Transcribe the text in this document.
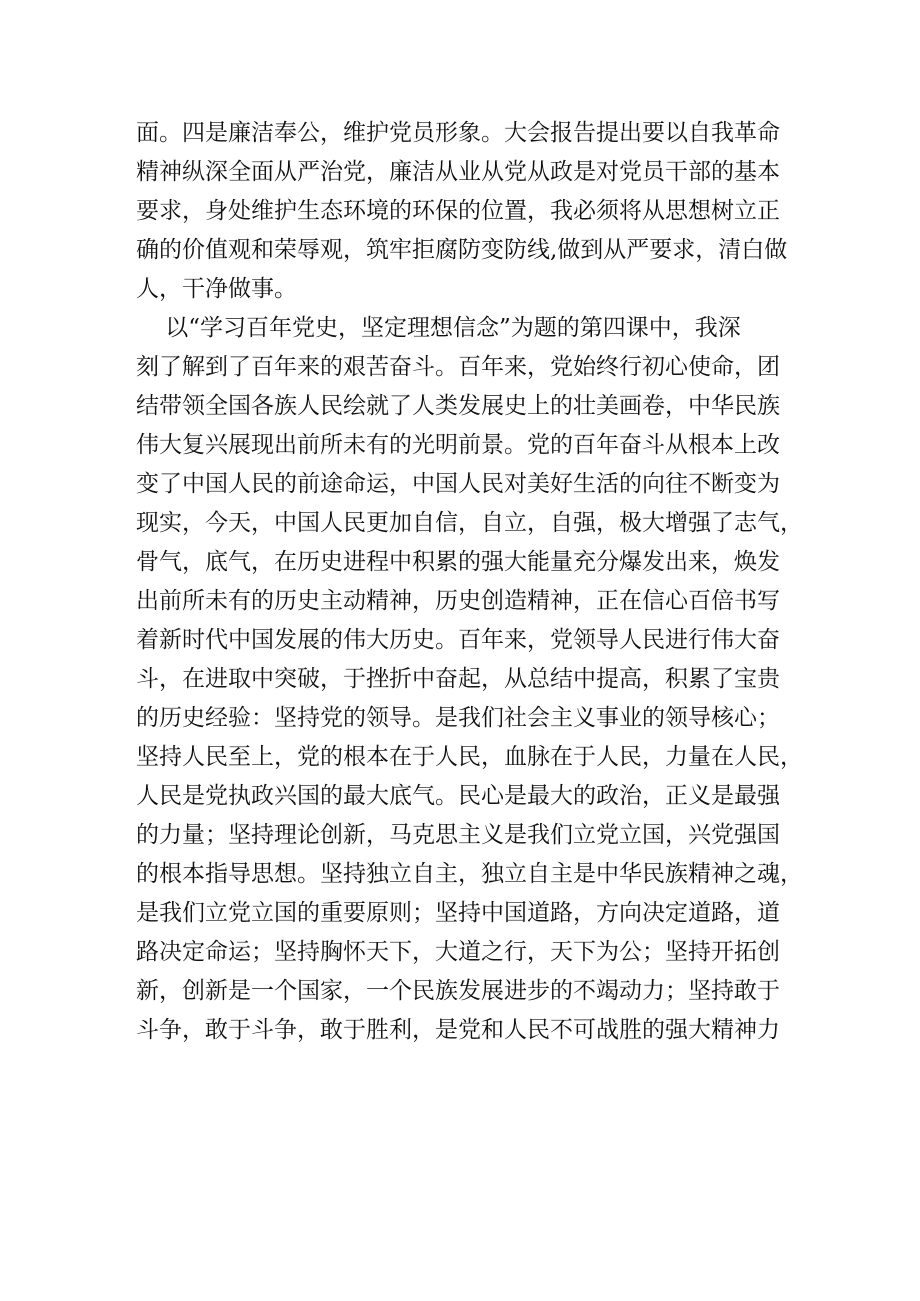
面。四是廉洁奉公，维护党员形象。大会报告提出要以自我革命
精神纵深全面从严治党，廉洁从业从党从政是对党员干部的基本
要求，身处维护生态环境的环保的位置，我必须将从思想树立正
确的价值观和荣辱观，筑牢拒腐防变防线,做到从严要求，清白做
人，干净做事。
以“学习百年党史，坚定理想信念”为题的第四课中，我深
刻了解到了百年来的艰苦奋斗。百年来，党始终行初心使命，团
结带领全国各族人民绘就了人类发展史上的壮美画卷，中华民族
伟大复兴展现出前所未有的光明前景。党的百年奋斗从根本上改
变了中国人民的前途命运，中国人民对美好生活的向往不断变为
现实，今天，中国人民更加自信，自立，自强，极大增强了志气，
骨气，底气，在历史进程中积累的强大能量充分爆发出来，焕发
出前所未有的历史主动精神，历史创造精神，正在信心百倍书写
着新时代中国发展的伟大历史。百年来，党领导人民进行伟大奋
斗，在进取中突破，于挫折中奋起，从总结中提高，积累了宝贵
的历史经验：坚持党的领导。是我们社会主义事业的领导核心；
坚持人民至上，党的根本在于人民，血脉在于人民，力量在人民，
人民是党执政兴国的最大底气。民心是最大的政治，正义是最强
的力量；坚持理论创新，马克思主义是我们立党立国，兴党强国
的根本指导思想。坚持独立自主，独立自主是中华民族精神之魂，
是我们立党立国的重要原则；坚持中国道路，方向决定道路，道
路决定命运；坚持胸怀天下，大道之行，天下为公；坚持开拓创
新，创新是一个国家，一个民族发展进步的不竭动力；坚持敢于
斗争，敢于斗争，敢于胜利，是党和人民不可战胜的强大精神力
